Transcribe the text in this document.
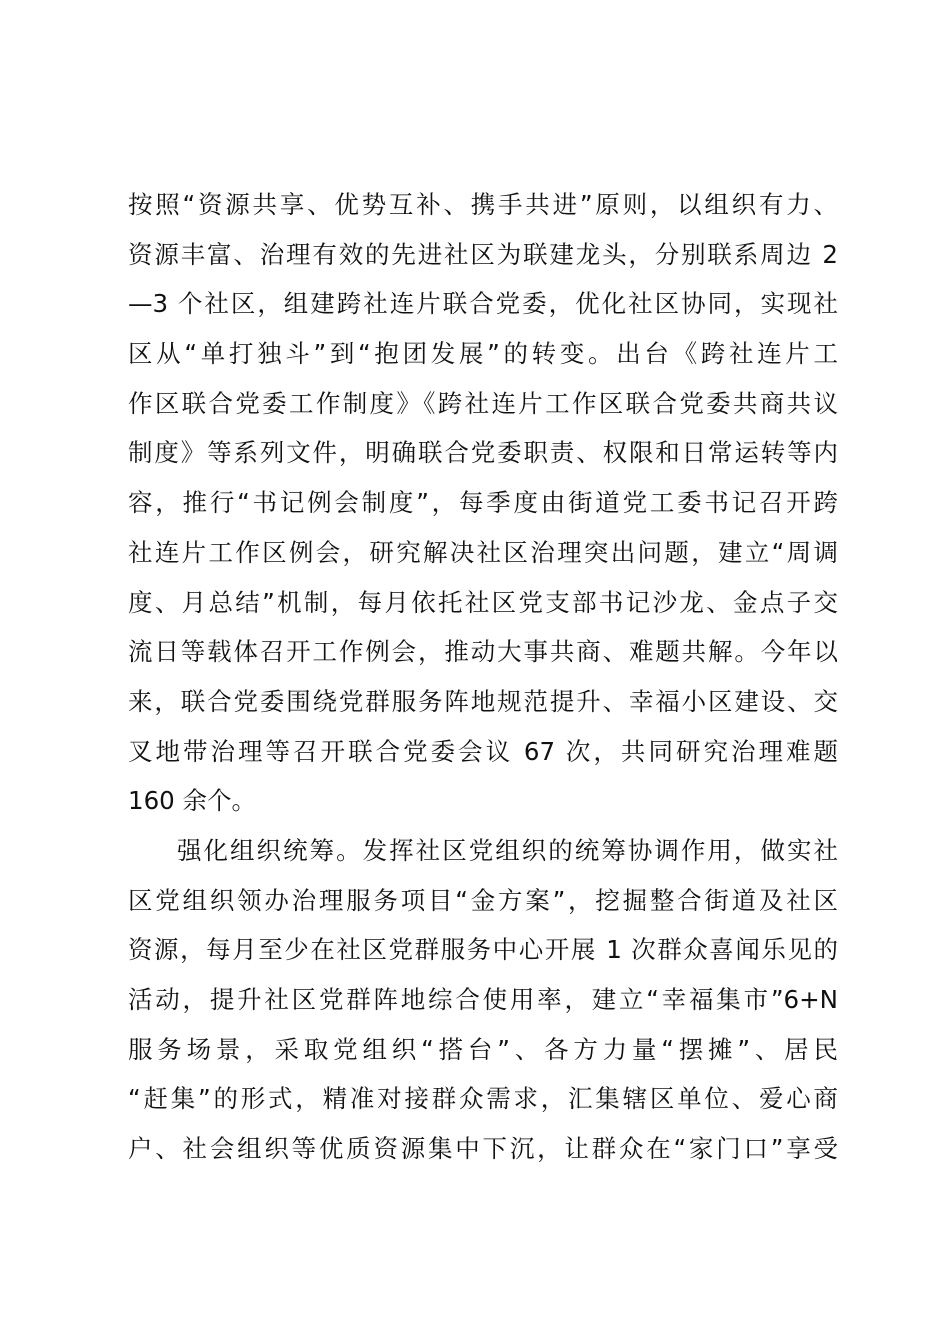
按照“资源共享、优势互补、携手共进”原则，以组织有力、
资源丰富、治理有效的先进社区为联建龙头，分别联系周边 2
—3 个社区，组建跨社连片联合党委，优化社区协同，实现社
区从“单打独斗”到“抱团发展”的转变。出台《跨社连片工
作区联合党委工作制度》《跨社连片工作区联合党委共商共议
制度》等系列文件，明确联合党委职责、权限和日常运转等内
容，推行“书记例会制度”，每季度由街道党工委书记召开跨
社连片工作区例会，研究解决社区治理突出问题，建立“周调
度、月总结”机制，每月依托社区党支部书记沙龙、金点子交
流日等载体召开工作例会，推动大事共商、难题共解。今年以
来，联合党委围绕党群服务阵地规范提升、幸福小区建设、交
叉地带治理等召开联合党委会议 67 次，共同研究治理难题
160 余个。
强化组织统筹。发挥社区党组织的统筹协调作用，做实社
区党组织领办治理服务项目“金方案”，挖掘整合街道及社区
资源，每月至少在社区党群服务中心开展 1 次群众喜闻乐见的
活动，提升社区党群阵地综合使用率，建立“幸福集市”6+N
服务场景，采取党组织“搭台”、各方力量“摆摊”、居民
“赶集”的形式，精准对接群众需求，汇集辖区单位、爱心商
户、社会组织等优质资源集中下沉，让群众在“家门口”享受
